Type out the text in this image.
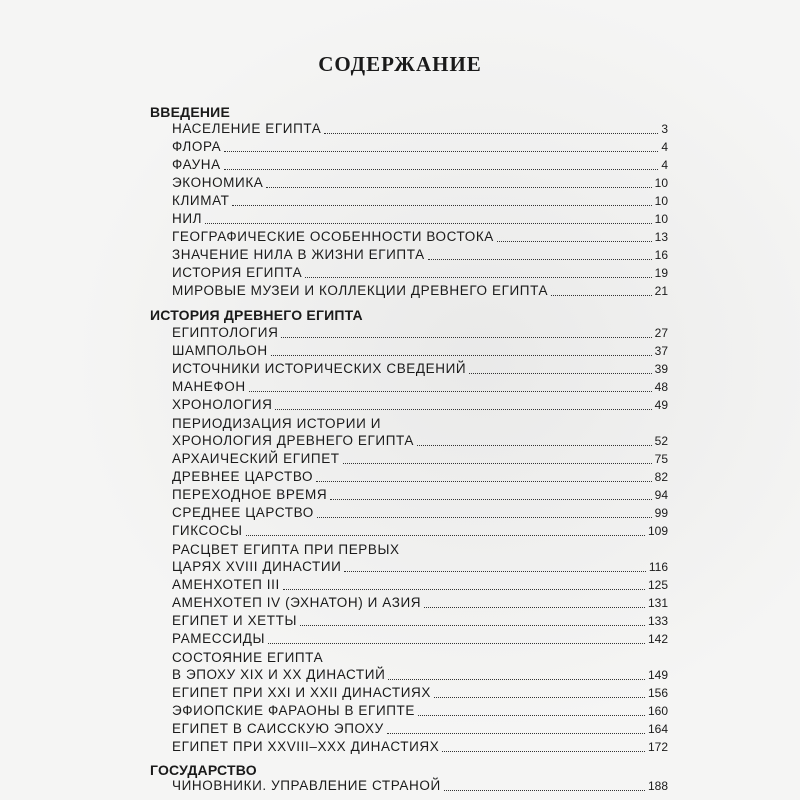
СОДЕРЖАНИЕ
ВВЕДЕНИЕ
НАСЕЛЕНИЕ ЕГИПТА	3
ФЛОРА	4
ФАУНА	4
ЭКОНОМИКА	10
КЛИМАТ	10
НИЛ	10
ГЕОГРАФИЧЕСКИЕ ОСОБЕННОСТИ ВОСТОКА	13
ЗНАЧЕНИЕ НИЛА В ЖИЗНИ ЕГИПТА	16
ИСТОРИЯ ЕГИПТА	19
МИРОВЫЕ МУЗЕИ И КОЛЛЕКЦИИ ДРЕВНЕГО ЕГИПТА	21
ИСТОРИЯ ДРЕВНЕГО ЕГИПТА
ЕГИПТОЛОГИЯ	27
ШАМПОЛЬОН	37
ИСТОЧНИКИ ИСТОРИЧЕСКИХ СВЕДЕНИЙ	39
МАНЕФОН	48
ХРОНОЛОГИЯ	49
ПЕРИОДИЗАЦИЯ ИСТОРИИ И
ХРОНОЛОГИЯ ДРЕВНЕГО ЕГИПТА	52
АРХАИЧЕСКИЙ ЕГИПЕТ	75
ДРЕВНЕЕ ЦАРСТВО	82
ПЕРЕХОДНОЕ ВРЕМЯ	94
СРЕДНЕЕ ЦАРСТВО	99
ГИКСОСЫ	109
РАСЦВЕТ ЕГИПТА ПРИ ПЕРВЫХ
ЦАРЯХ XVIII ДИНАСТИИ	116
АМЕНХОТЕП III	125
АМЕНХОТЕП IV (ЭХНАТОН) И АЗИЯ	131
ЕГИПЕТ И ХЕТТЫ	133
РАМЕССИДЫ	142
СОСТОЯНИЕ ЕГИПТА
В ЭПОХУ XIX И XX ДИНАСТИЙ	149
ЕГИПЕТ ПРИ XXI И XXII ДИНАСТИЯХ	156
ЭФИОПСКИЕ ФАРАОНЫ В ЕГИПТЕ	160
ЕГИПЕТ В САИССКУЮ ЭПОХУ	164
ЕГИПЕТ ПРИ XXVIII–XXX ДИНАСТИЯХ	172
ГОСУДАРСТВО
ЧИНОВНИКИ. УПРАВЛЕНИЕ СТРАНОЙ	188
